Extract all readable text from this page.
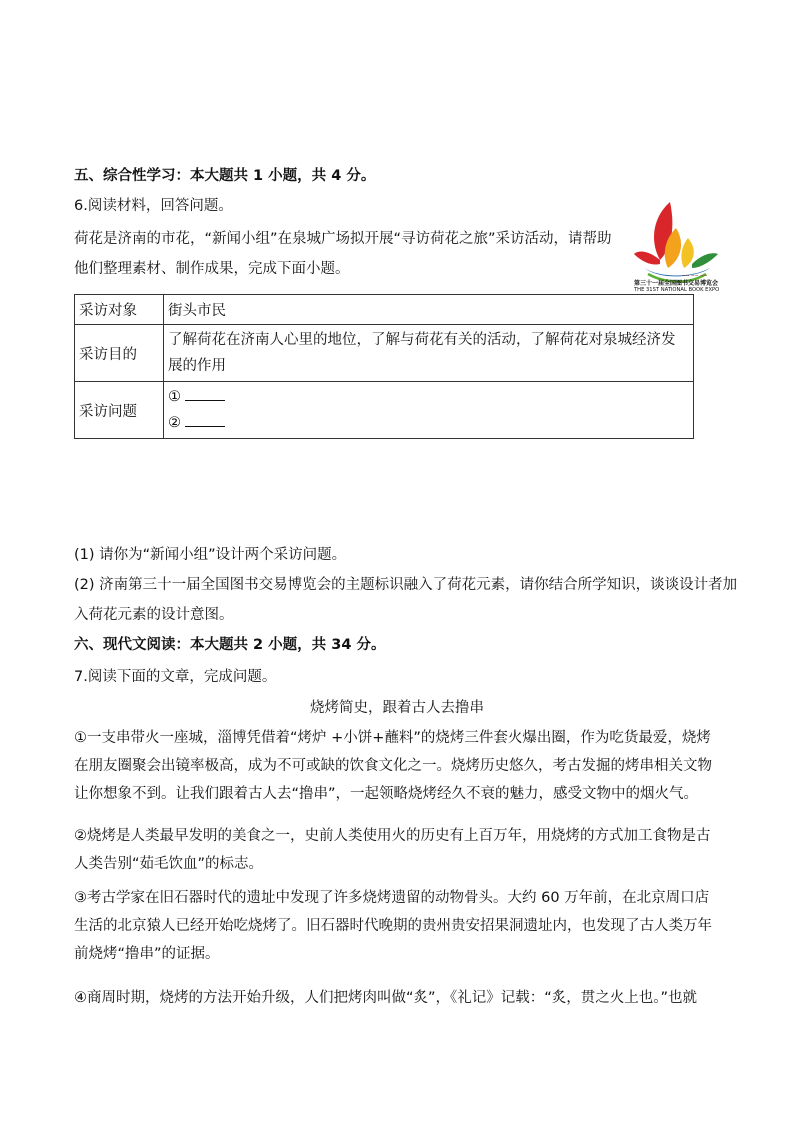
五、综合性学习：本大题共 1 小题，共 4 分。
6.阅读材料，回答问题。
荷花是济南的市花，“新闻小组”在泉城广场拟开展“寻访荷花之旅”采访活动，请帮助
他们整理素材、制作成果，完成下面小题。	~~ ~~ ~~
第三十一届全国图书交易博览会
THE 31ST NATIONAL BOOK EXPO
采访对象	街头市民
采访目的	了解荷花在济南人心里的地位，了解与荷花有关的活动，了解荷花对泉城经济发展的作用
采访问题	①
②
(1) 请你为“新闻小组”设计两个采访问题。
(2) 济南第三十一届全国图书交易博览会的主题标识融入了荷花元素，请你结合所学知识，谈谈设计者加
入荷花元素的设计意图。
六、现代文阅读：本大题共 2 小题，共 34 分。
7.阅读下面的文章，完成问题。
烧烤简史，跟着古人去撸串
①一支串带火一座城，淄博凭借着“烤炉 +小饼+蘸料”的烧烤三件套火爆出圈，作为吃货最爱，烧烤在朋友圈聚会出镜率极高，成为不可或缺的饮食文化之一。烧烤历史悠久，考古发掘的烤串相关文物让你想象不到。让我们跟着古人去“撸串”，一起领略烧烤经久不衰的魅力，感受文物中的烟火气。
②烧烤是人类最早发明的美食之一，史前人类使用火的历史有上百万年，用烧烤的方式加工食物是古人类告别“茹毛饮血”的标志。
③考古学家在旧石器时代的遗址中发现了许多烧烤遗留的动物骨头。大约 60 万年前，在北京周口店生活的北京猿人已经开始吃烧烤了。旧石器时代晚期的贵州贵安招果洞遗址内，也发现了古人类万年前烧烤“撸串”的证据。
④商周时期，烧烤的方法开始升级，人们把烤肉叫做“炙”，《礼记》记载：“炙，贯之火上也。”也就
